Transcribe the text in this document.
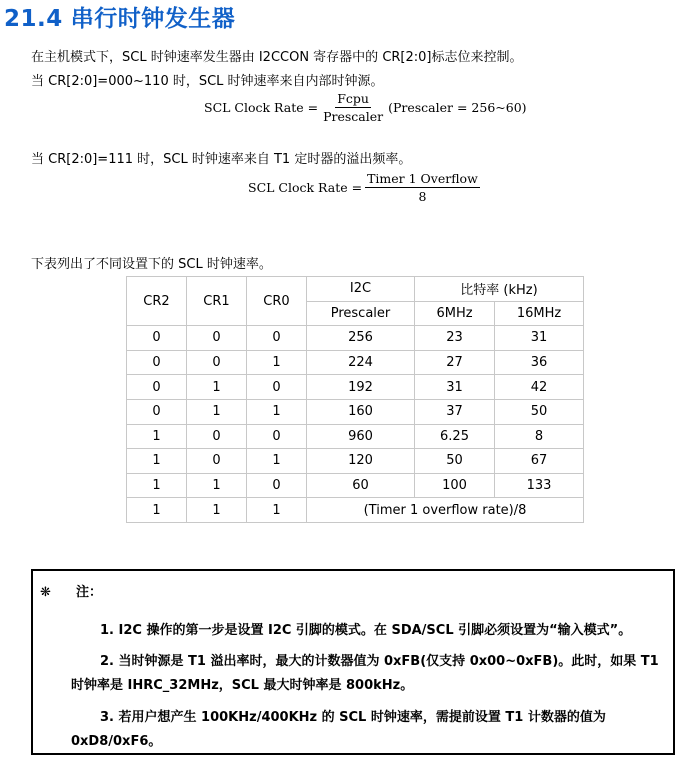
21.4 串行时钟发生器
在主机模式下，SCL 时钟速率发生器由 I2CCON 寄存器中的 CR[2:0]标志位来控制。
当 CR[2:0]=000~110 时，SCL 时钟速率来自内部时钟源。
SCL Clock Rate = $\frac{\text{Fcpu}}{\text{Prescaler}}$ (Prescaler = 256~60)
当 CR[2:0]=111 时，SCL 时钟速率来自 T1 定时器的溢出频率。
SCL Clock Rate = $\frac{\text{Timer 1 Overflow}}{8}$
下表列出了不同设置下的 SCL 时钟速率。
CR2	CR1	CR0	I2C	比特率 (kHz)	
			Prescaler	6MHz	16MHz
0	0	0	256	23	31
0	0	1	224	27	36
0	1	0	192	31	42
0	1	1	160	37	50
1	0	0	960	6.25	8
1	0	1	120	50	67
1	1	0	60	100	133
1	1	1	(Timer 1 overflow rate)/8		
❋ 注：
1. I2C 操作的第一步是设置 I2C 引脚的模式。在 SDA/SCL 引脚必须设置为“输入模式”。
2. 当时钟源是 T1 溢出率时，最大的计数器值为 0xFB(仅支持 0x00~0xFB)。此时，如果 T1
时钟率是 IHRC_32MHz，SCL 最大时钟率是 800kHz。
3. 若用户想产生 100KHz/400KHz 的 SCL 时钟速率，需提前设置 T1 计数器的值为
0xD8/0xF6。
